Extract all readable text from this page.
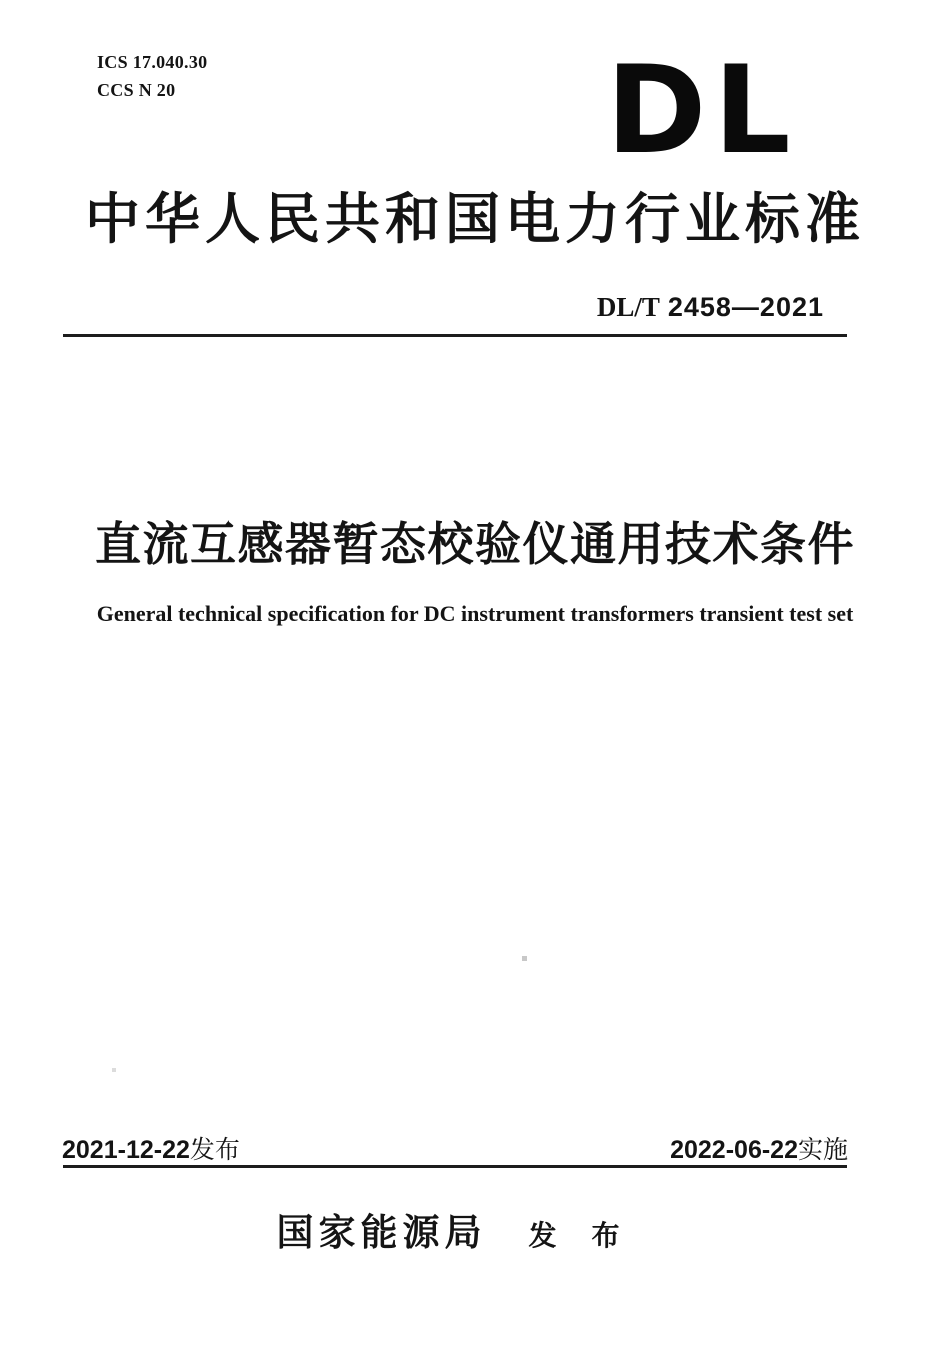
ICS 17.040.30
CCS N 20	DL
中华人民共和国电力行业标准
DL/T 2458—2021
直流互感器暂态校验仪通用技术条件
General technical specification for DC instrument transformers transient test set
2021-12-22发布	2022-06-22实施
国家能源局 发 布
